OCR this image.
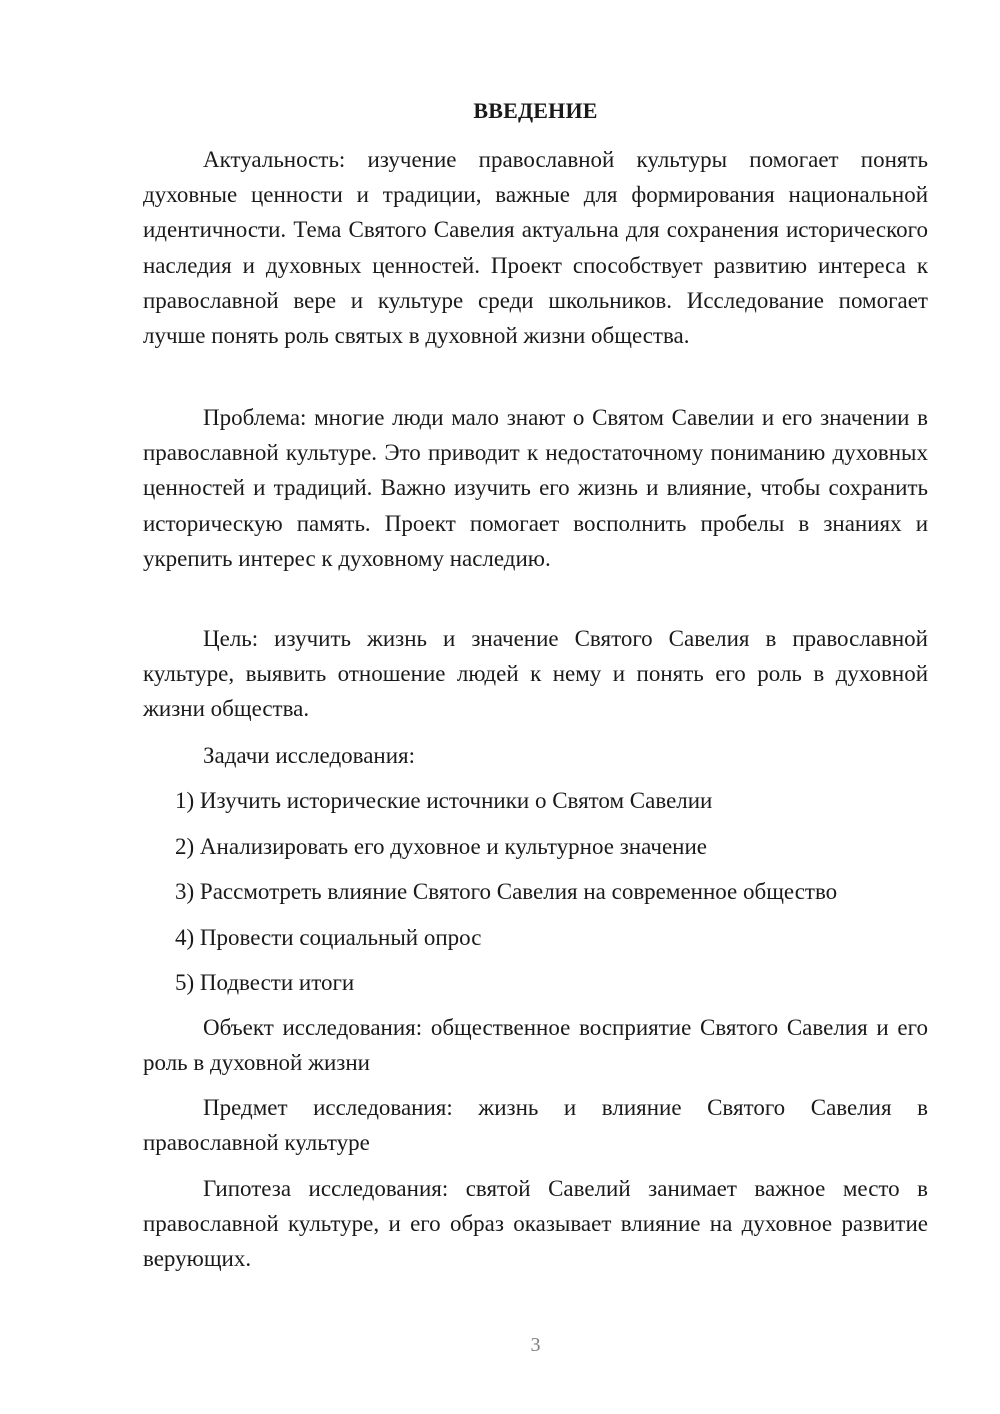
ВВЕДЕНИЕ

Актуальность: изучение православной культуры помогает понять духовные ценности и традиции, важные для формирования национальной идентичности. Тема Святого Савелия актуальна для сохранения исторического наследия и духовных ценностей. Проект способствует развитию интереса к православной вере и культуре среди школьников. Исследование помогает лучше понять роль святых в духовной жизни общества.

Проблема: многие люди мало знают о Святом Савелии и его значении в православной культуре. Это приводит к недостаточному пониманию духовных ценностей и традиций. Важно изучить его жизнь и влияние, чтобы сохранить историческую память. Проект помогает восполнить пробелы в знаниях и укрепить интерес к духовному наследию.

Цель: изучить жизнь и значение Святого Савелия в православной культуре, выявить отношение людей к нему и понять его роль в духовной жизни общества.

Задачи исследования:

1) Изучить исторические источники о Святом Савелии
2) Анализировать его духовное и культурное значение
3) Рассмотреть влияние Святого Савелия на современное общество
4) Провести социальный опрос
5) Подвести итоги

Объект исследования: общественное восприятие Святого Савелия и его роль в духовной жизни

Предмет исследования: жизнь и влияние Святого Савелия в православной культуре

Гипотеза исследования: святой Савелий занимает важное место в православной культуре, и его образ оказывает влияние на духовное развитие верующих.

3
